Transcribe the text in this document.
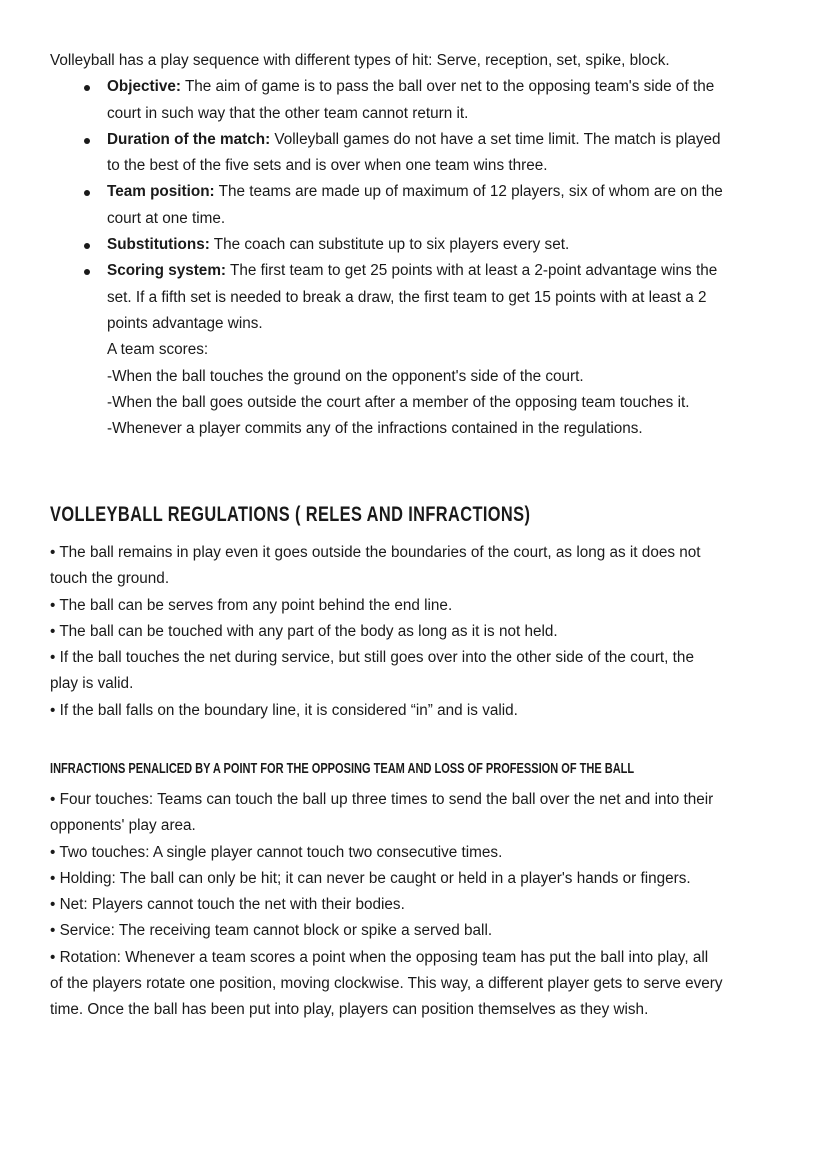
Volleyball has a play sequence with different types of hit: Serve, reception, set, spike, block.

Objective: The aim of game is to pass the ball over net to the opposing team's side of the court in such way that the other team cannot return it.
Duration of the match: Volleyball games do not have a set time limit. The match is played to the best of the five sets and is over when one team wins three.
Team position: The teams are made up of maximum of 12 players, six of whom are on the court at one time.
Substitutions: The coach can substitute up to six players every set.
Scoring system: The first team to get 25 points with at least a 2-point advantage wins the set. If a fifth set is needed to break a draw, the first team to get 15 points with at least a 2 points advantage wins.

A team scores:

-When the ball touches the ground on the opponent's side of the court.

-When the ball goes outside the court after a member of the opposing team touches it.

-Whenever a player commits any of the infractions contained in the regulations.

VOLLEYBALL REGULATIONS ( RELES AND INFRACTIONS)

• The ball remains in play even it goes outside the boundaries of the court, as long as it does not touch the ground.

• The ball can be serves from any point behind the end line.

• The ball can be touched with any part of the body as long as it is not held.

• If the ball touches the net during service, but still goes over into the other side of the court, the play is valid.

• If the ball falls on the boundary line, it is considered “in” and is valid.

INFRACTIONS PENALICED BY A POINT FOR THE OPPOSING TEAM AND LOSS OF PROFESSION OF THE BALL

• Four touches: Teams can touch the ball up three times to send the ball over the net and into their opponents' play area.

• Two touches: A single player cannot touch two consecutive times.

• Holding: The ball can only be hit; it can never be caught or held in a player's hands or fingers.

• Net: Players cannot touch the net with their bodies.

• Service: The receiving team cannot block or spike a served ball.

• Rotation: Whenever a team scores a point when the opposing team has put the ball into play, all of the players rotate one position, moving clockwise. This way, a different player gets to serve every time. Once the ball has been put into play, players can position themselves as they wish.
